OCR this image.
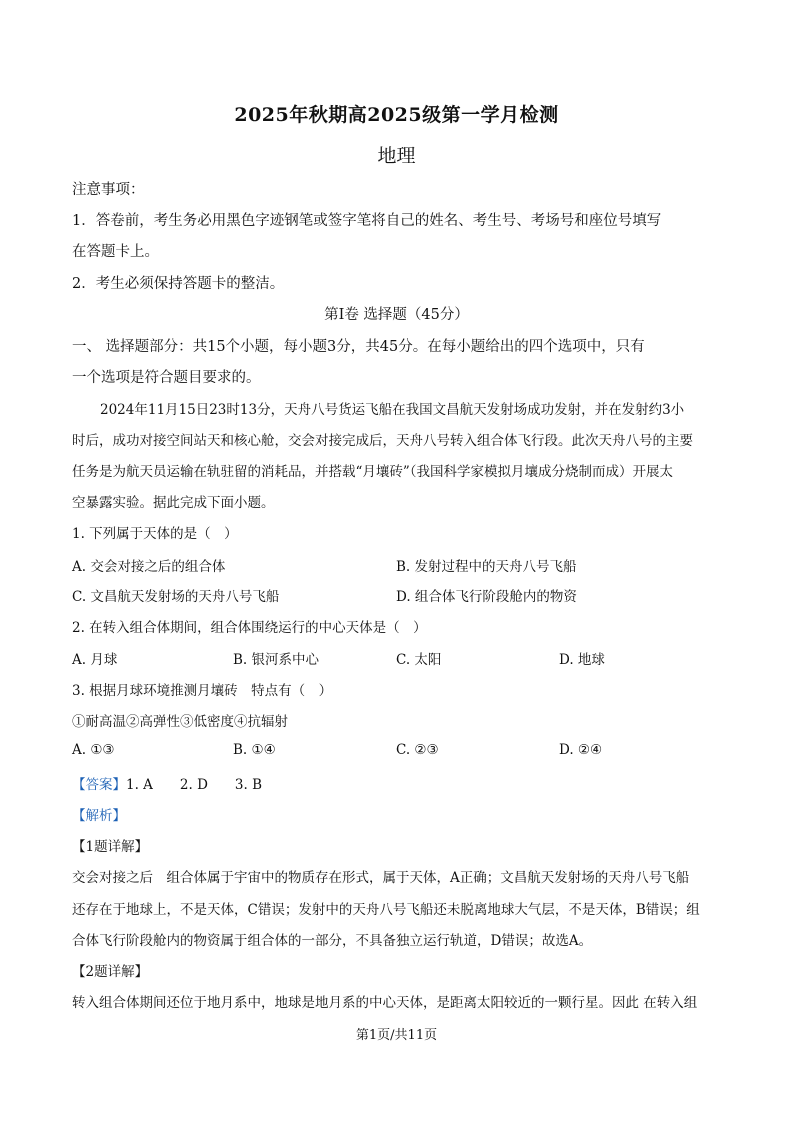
2025年秋期高2025级第一学月检测
地理
注意事项：
1．答卷前，考生务必用黑色字迹钢笔或签字笔将自己的姓名、考生号、考场号和座位号填写
在答题卡上。
2．考生必须保持答题卡的整洁。
第Ⅰ卷 选择题（45分）
一、 选择题部分：共15个小题，每小题3分，共45分。在每小题给出的四个选项中，只有
一个选项是符合题目要求的。
2024年11月15日23时13分，天舟八号货运飞船在我国文昌航天发射场成功发射，并在发射约3小
时后，成功对接空间站天和核心舱，交会对接完成后，天舟八号转入组合体飞行段。此次天舟八号的主要
任务是为航天员运输在轨驻留的消耗品，并搭载“月壤砖”（我国科学家模拟月壤成分烧制而成）开展太
空暴露实验。据此完成下面小题。
1. 下列属于天体的是（　）
A. 交会对接之后的组合体	B. 发射过程中的天舟八号飞船
C. 文昌航天发射场的天舟八号飞船	D. 组合体飞行阶段舱内的物资
2. 在转入组合体期间，组合体围绕运行的中心天体是（　）
A. 月球	B. 银河系中心	C. 太阳	D. 地球
3. 根据月球环境推测月壤砖　特点有（　）
①耐高温②高弹性③低密度④抗辐射
A. ①③	B. ①④	C. ②③	D. ②④
【答案】1. A　　2. D　　3. B
【解析】
【1题详解】
交会对接之后　组合体属于宇宙中的物质存在形式，属于天体，A正确；文昌航天发射场的天舟八号飞船
还存在于地球上，不是天体，C错误；发射中的天舟八号飞船还未脱离地球大气层，不是天体，B错误；组
合体飞行阶段舱内的物资属于组合体的一部分，不具备独立运行轨道，D错误；故选A。
【2题详解】
转入组合体期间还位于地月系中，地球是地月系的中心天体，是距离太阳较近的一颗行星。因此 在转入组
第1页/共11页
